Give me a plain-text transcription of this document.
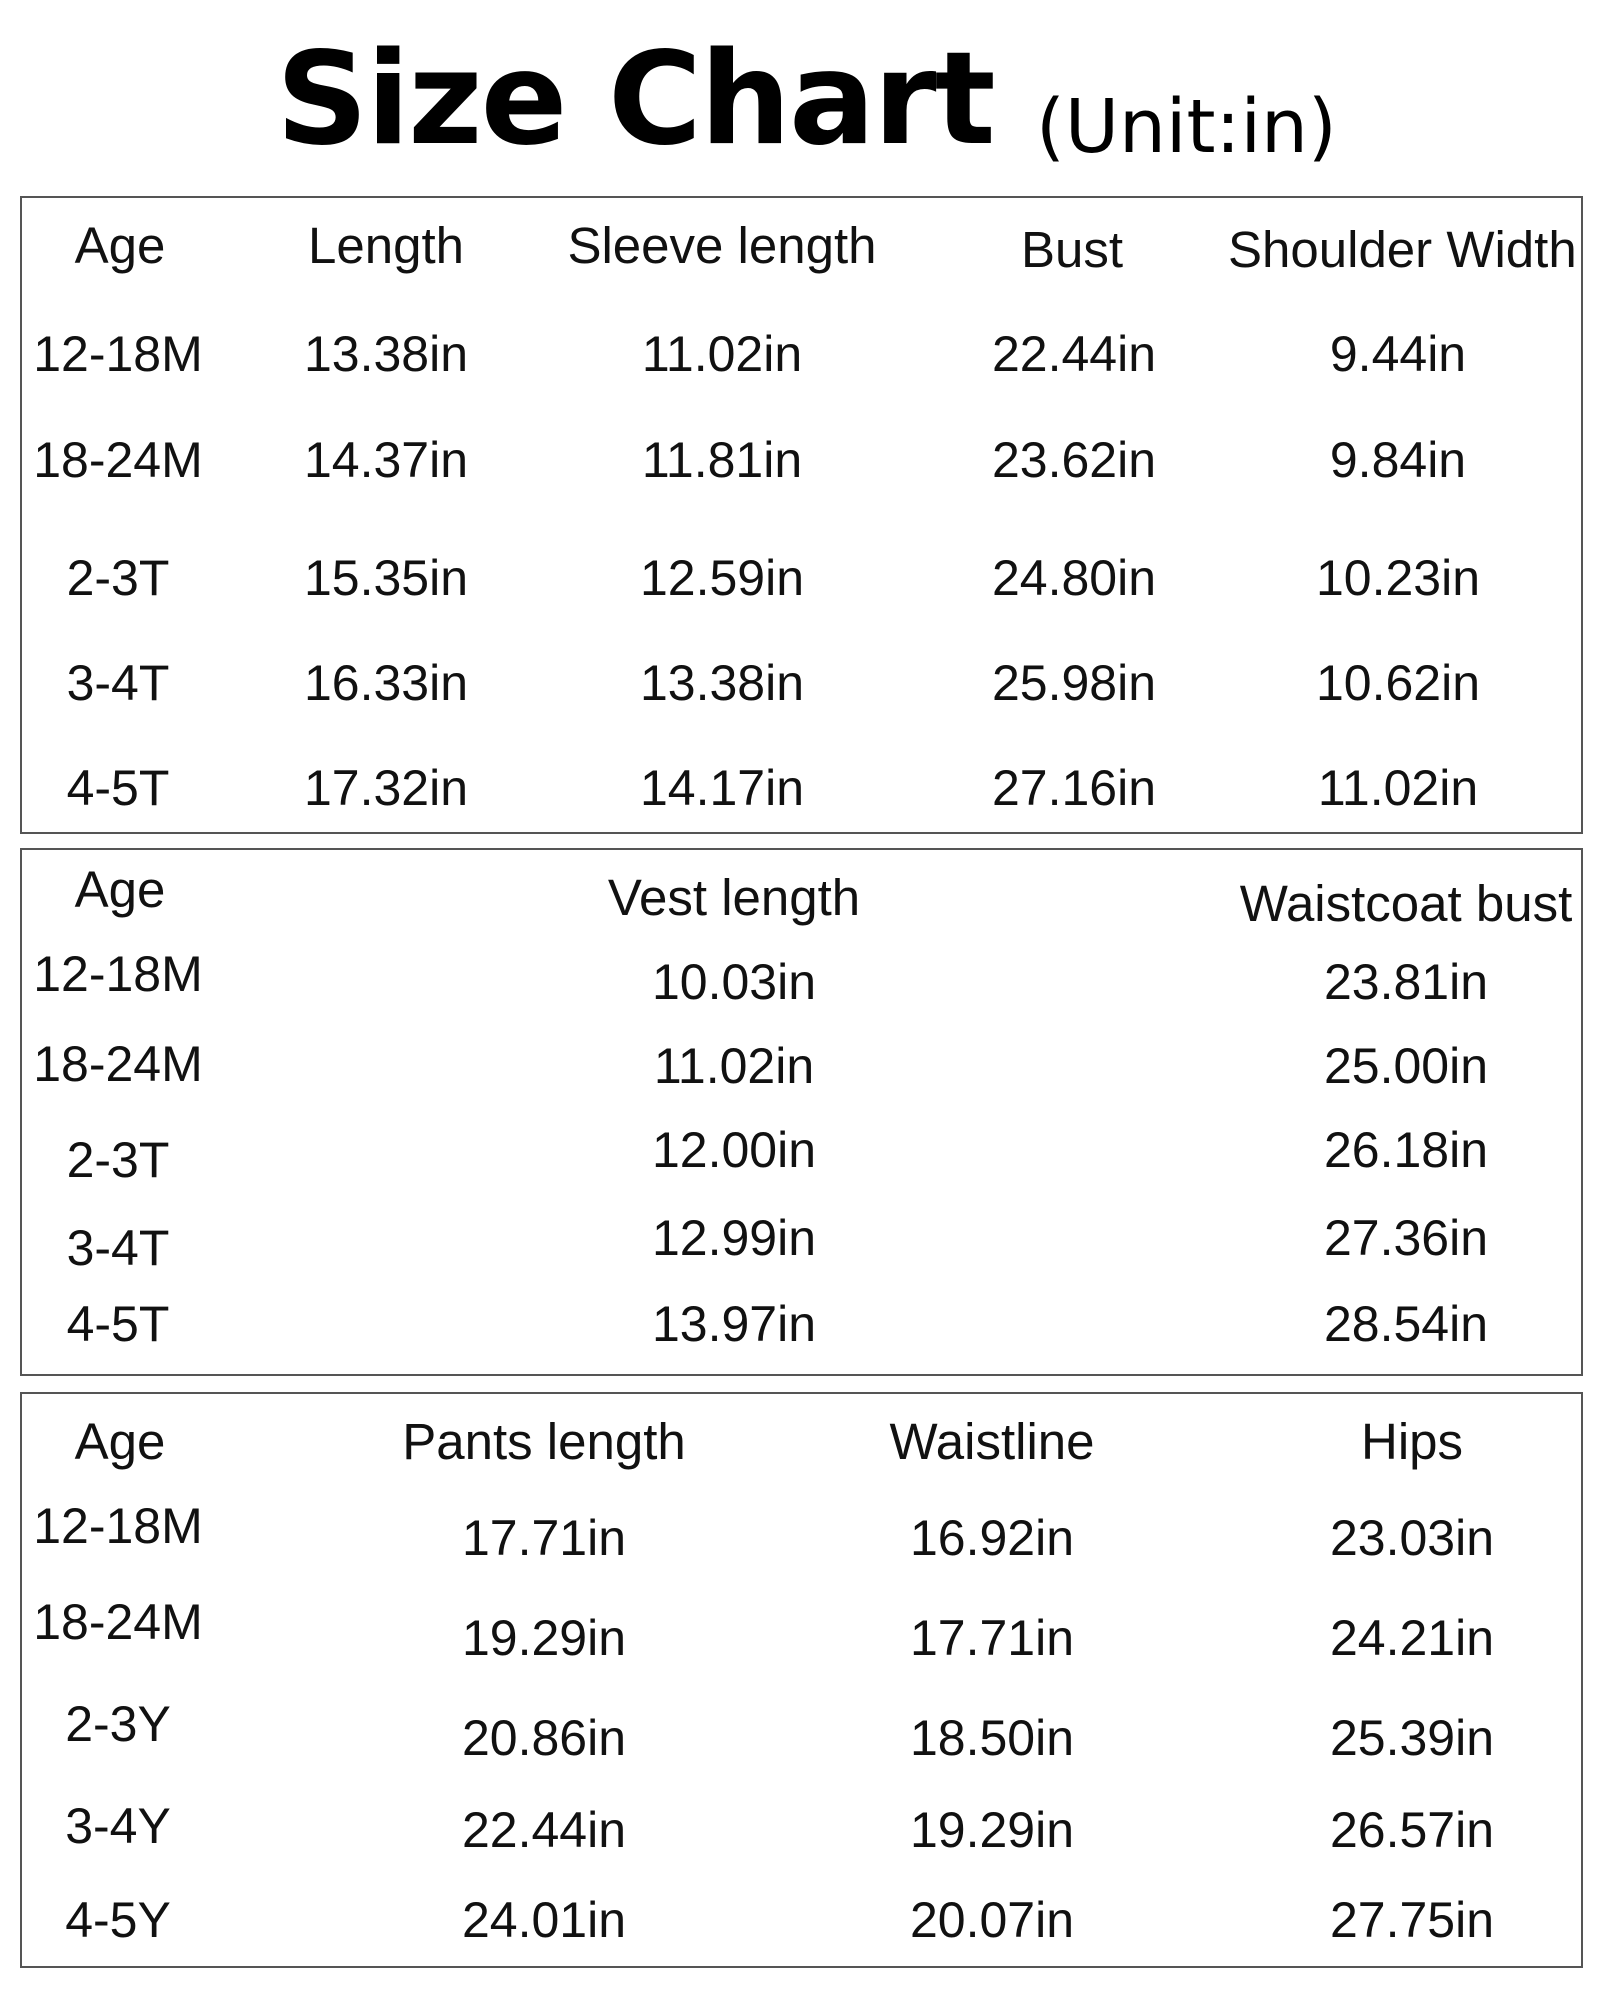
Size Chart (Unit:in)
Age	Length	Sleeve length	Bust	Shoulder Width
12-18M	13.38in	11.02in	22.44in	9.44in
18-24M	14.37in	11.81in	23.62in	9.84in
2-3T	15.35in	12.59in	24.80in	10.23in
3-4T	16.33in	13.38in	25.98in	10.62in
4-5T	17.32in	14.17in	27.16in	11.02in
Age	Vest length	Waistcoat bust
12-18M	10.03in	23.81in
18-24M	11.02in	25.00in
2-3T	12.00in	26.18in
3-4T	12.99in	27.36in
4-5T	13.97in	28.54in
Age	Pants length	Waistline	Hips
12-18M	17.71in	16.92in	23.03in
18-24M	19.29in	17.71in	24.21in
2-3Y	20.86in	18.50in	25.39in
3-4Y	22.44in	19.29in	26.57in
4-5Y	24.01in	20.07in	27.75in
